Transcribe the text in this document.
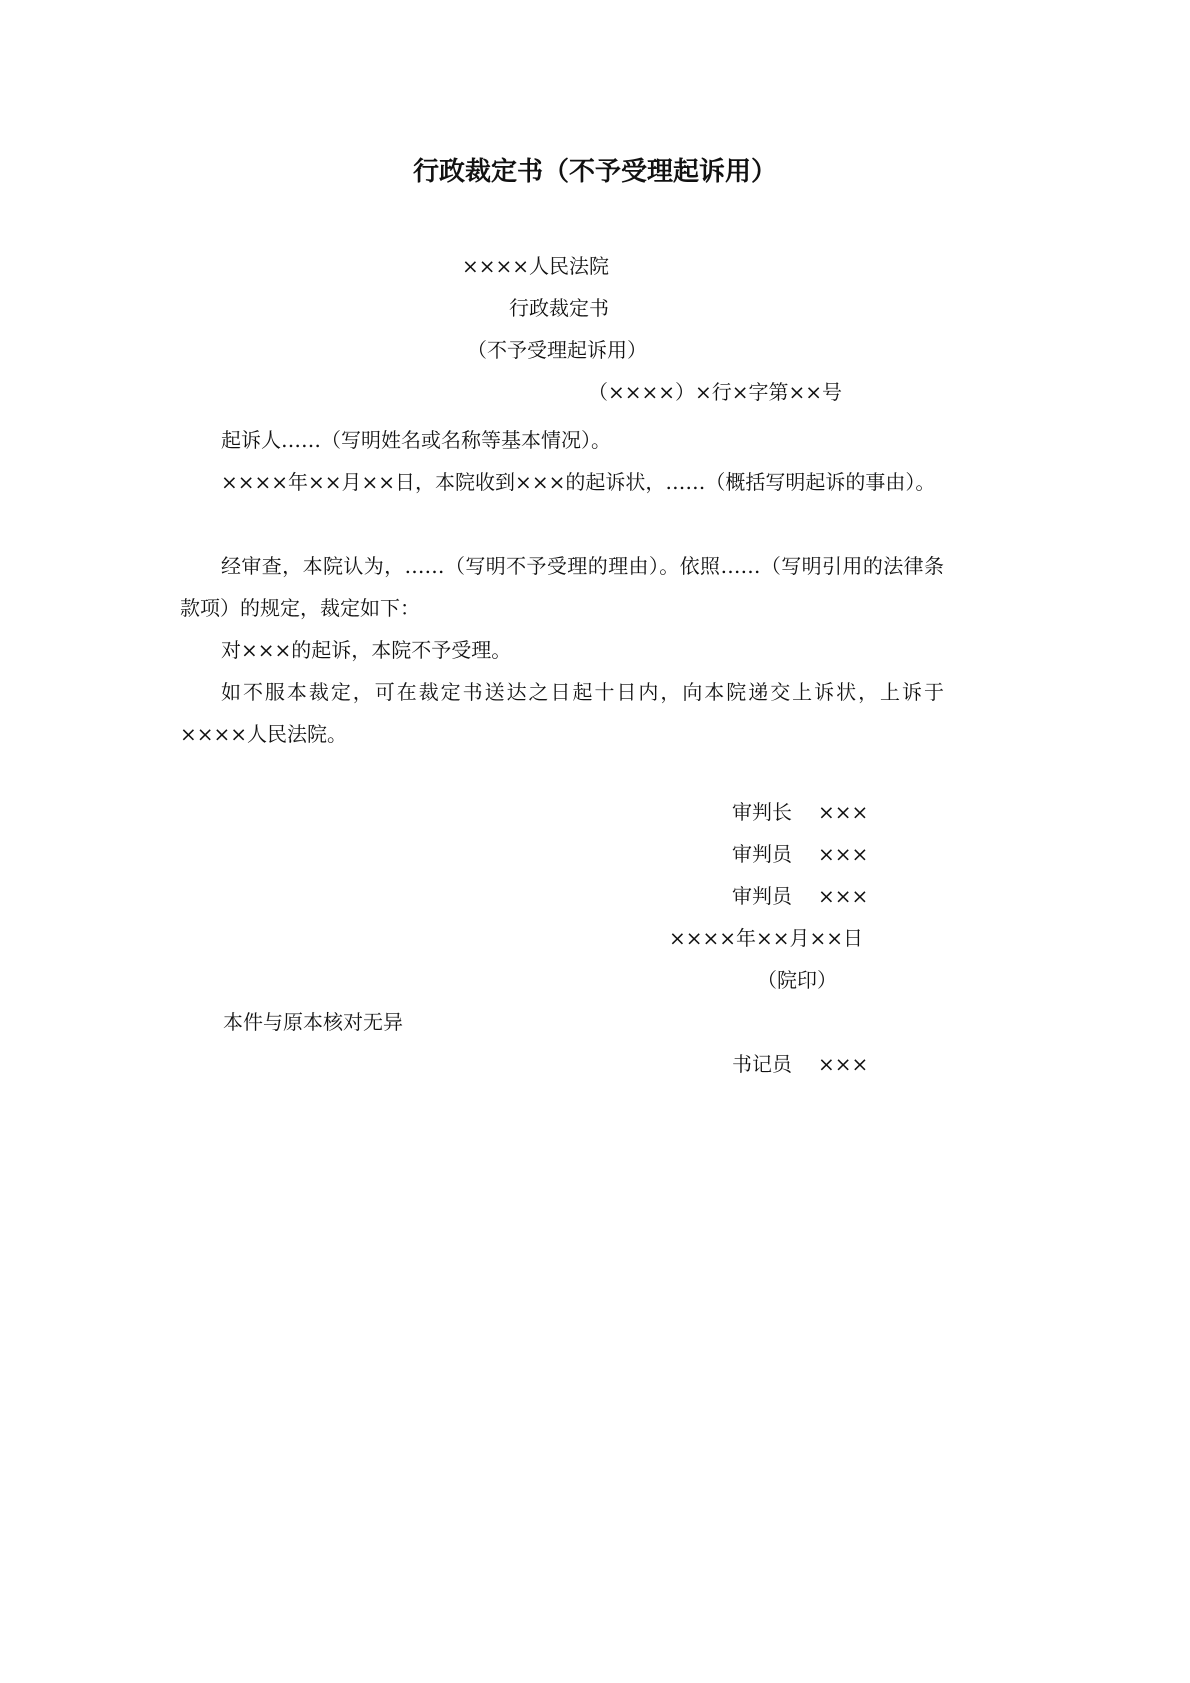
行政裁定书（不予受理起诉用）
××××人民法院
行政裁定书
（不予受理起诉用）
（××××）×行×字第××号

起诉人……（写明姓名或名称等基本情况）。

××××年××月××日，本院收到×××的起诉状，……（概括写明起诉的事由）。

经审查，本院认为，……（写明不予受理的理由）。依照……（写明引用的法律条款项）的规定，裁定如下：

对×××的起诉，本院不予受理。

如不服本裁定，可在裁定书送达之日起十日内，向本院递交上诉状，上诉于××××人民法院。

审判长 ×××
审判员 ×××
审判员 ×××
××××年××月××日
（院印）
本件与原本核对无异
书记员 ×××
